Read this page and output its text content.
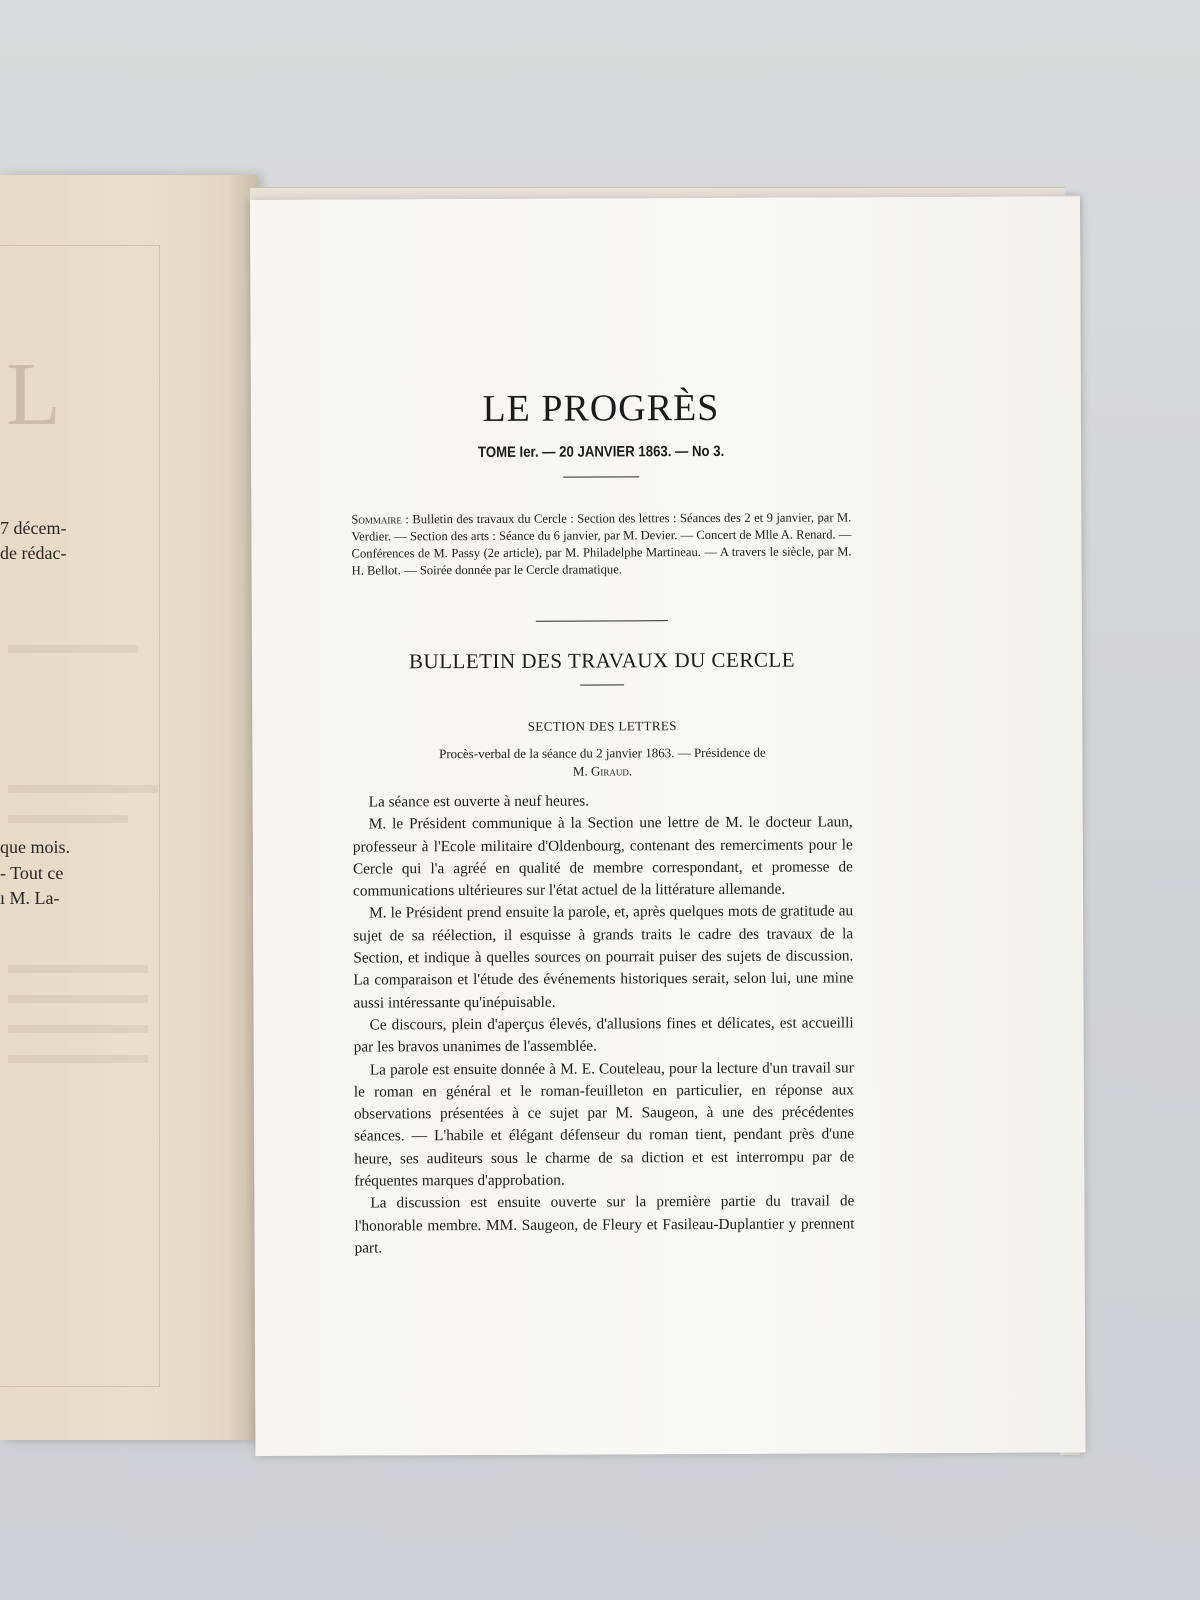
L
7 décem-
de rédac-
que mois.
- Tout ce
ı M. La-
LE PROGRÈS
TOME Ier. — 20 JANVIER 1863. — No 3.
Sommaire : Bulletin des travaux du Cercle : Section des lettres : Séances des 2 et 9 janvier, par M. Verdier. — Section des arts : Séance du 6 janvier, par M. Devier. — Concert de Mlle A. Renard. — Conférences de M. Passy (2e article), par M. Philadelphe Martineau. — A travers le siècle, par M. H. Bellot. — Soirée donnée par le Cercle dramatique.
BULLETIN DES TRAVAUX DU CERCLE
SECTION DES LETTRES
Procès-verbal de la séance du 2 janvier 1863. — Présidence de
M. Giraud.

La séance est ouverte à neuf heures.

M. le Président communique à la Section une lettre de M. le docteur Laun, professeur à l'Ecole militaire d'Oldenbourg, contenant des remerciments pour le Cercle qui l'a agréé en qualité de membre correspondant, et promesse de communications ultérieures sur l'état actuel de la littérature allemande.

M. le Président prend ensuite la parole, et, après quelques mots de gratitude au sujet de sa réélection, il esquisse à grands traits le cadre des travaux de la Section, et indique à quelles sources on pourrait puiser des sujets de discussion. La comparaison et l'étude des événements historiques serait, selon lui, une mine aussi intéressante qu'inépuisable.

Ce discours, plein d'aperçus élevés, d'allusions fines et délicates, est accueilli par les bravos unanimes de l'assemblée.

La parole est ensuite donnée à M. E. Couteleau, pour la lecture d'un travail sur le roman en général et le roman-feuilleton en particulier, en réponse aux observations présentées à ce sujet par M. Saugeon, à une des précédentes séances. — L'habile et élégant défenseur du roman tient, pendant près d'une heure, ses auditeurs sous le charme de sa diction et est interrompu par de fréquentes marques d'approbation.

La discussion est ensuite ouverte sur la première partie du travail de l'honorable membre. MM. Saugeon, de Fleury et Fasileau-Duplantier y prennent part.
